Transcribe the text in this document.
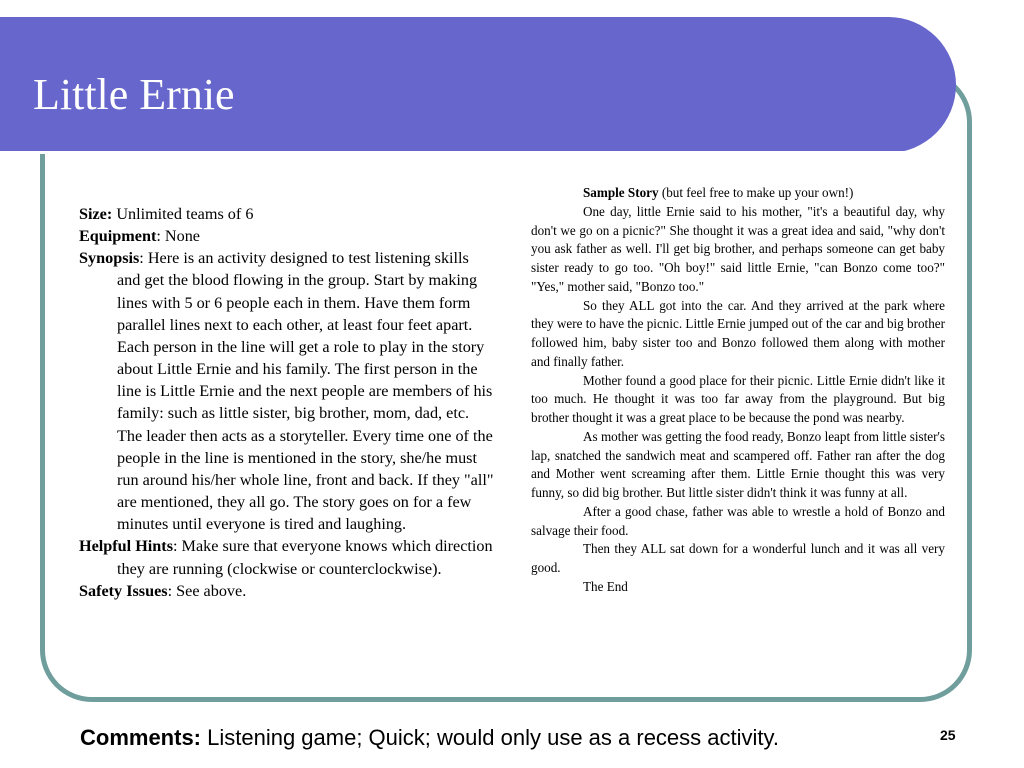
Little Ernie

Size: Unlimited teams of 6

Equipment: None

Synopsis: Here is an activity designed to test listening skills and get the blood flowing in the group. Start by making lines with 5 or 6 people each in them. Have them form parallel lines next to each other, at least four feet apart. Each person in the line will get a role to play in the story about Little Ernie and his family. The first person in the line is Little Ernie and the next people are members of his family: such as little sister, big brother, mom, dad, etc. The leader then acts as a storyteller. Every time one of the people in the line is mentioned in the story, she/he must run around his/her whole line, front and back. If they "all" are mentioned, they all go. The story goes on for a few minutes until everyone is tired and laughing.

Helpful Hints: Make sure that everyone knows which direction they are running (clockwise or counterclockwise).

Safety Issues: See above.

Sample Story (but feel free to make up your own!)

One day, little Ernie said to his mother, "it's a beautiful day, why don't we go on a picnic?" She thought it was a great idea and said, "why don't you ask father as well. I'll get big brother, and perhaps someone can get baby sister ready to go too. "Oh boy!" said little Ernie, "can Bonzo come too?" "Yes," mother said, "Bonzo too."

So they ALL got into the car. And they arrived at the park where they were to have the picnic. Little Ernie jumped out of the car and big brother followed him, baby sister too and Bonzo followed them along with mother and finally father.

Mother found a good place for their picnic. Little Ernie didn't like it too much. He thought it was too far away from the playground. But big brother thought it was a great place to be because the pond was nearby.

As mother was getting the food ready, Bonzo leapt from little sister's lap, snatched the sandwich meat and scampered off. Father ran after the dog and Mother went screaming after them. Little Ernie thought this was very funny, so did big brother. But little sister didn't think it was funny at all.

After a good chase, father was able to wrestle a hold of Bonzo and salvage their food.

Then they ALL sat down for a wonderful lunch and it was all very good.

The End

Comments: Listening game; Quick; would only use as a recess activity.	25
